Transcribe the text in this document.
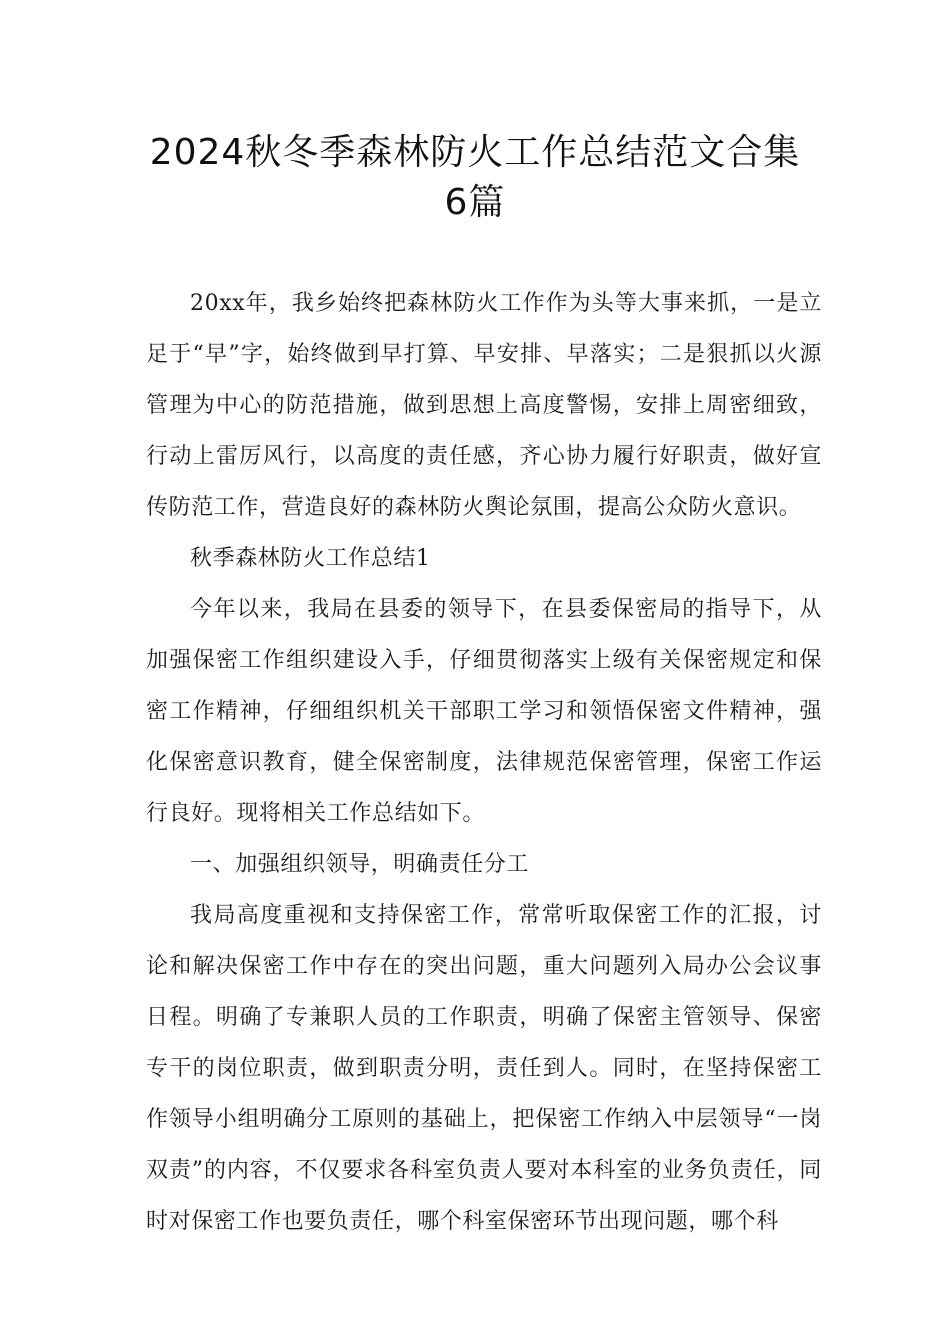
2024秋冬季森林防火工作总结范文合集
6篇

20xx年，我乡始终把森林防火工作作为头等大事来抓，一是立足于“早”字，始终做到早打算、早安排、早落实；二是狠抓以火源管理为中心的防范措施，做到思想上高度警惕，安排上周密细致，行动上雷厉风行，以高度的责任感，齐心协力履行好职责，做好宣传防范工作，营造良好的森林防火舆论氛围，提高公众防火意识。

秋季森林防火工作总结1

今年以来，我局在县委的领导下，在县委保密局的指导下，从加强保密工作组织建设入手，仔细贯彻落实上级有关保密规定和保密工作精神，仔细组织机关干部职工学习和领悟保密文件精神，强化保密意识教育，健全保密制度，法律规范保密管理，保密工作运行良好。现将相关工作总结如下。

一、加强组织领导，明确责任分工

我局高度重视和支持保密工作，常常听取保密工作的汇报，讨论和解决保密工作中存在的突出问题，重大问题列入局办公会议事日程。明确了专兼职人员的工作职责，明确了保密主管领导、保密专干的岗位职责，做到职责分明，责任到人。同时，在坚持保密工作领导小组明确分工原则的基础上，把保密工作纳入中层领导“一岗双责”的内容，不仅要求各科室负责人要对本科室的业务负责任，同时对保密工作也要负责任，哪个科室保密环节出现问题，哪个科
